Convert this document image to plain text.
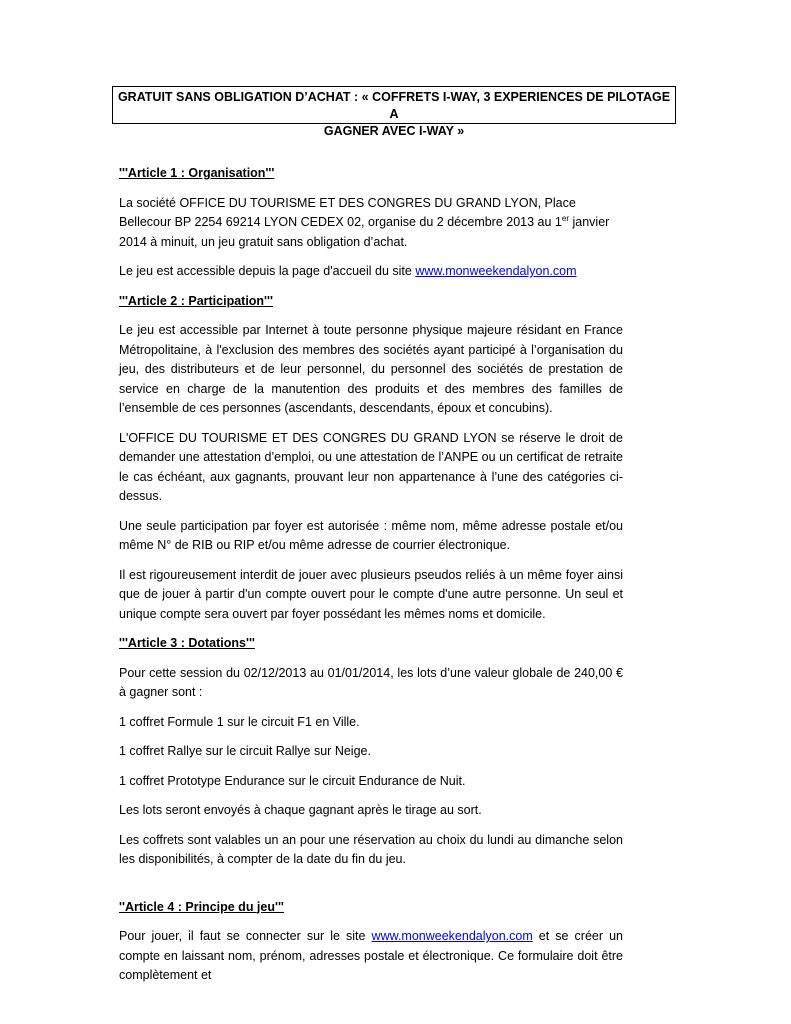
GRATUIT SANS OBLIGATION D’ACHAT : « COFFRETS I-WAY, 3 EXPERIENCES DE PILOTAGE A
GAGNER AVEC I-WAY »

'''Article 1 : Organisation'''

La société OFFICE DU TOURISME ET DES CONGRES DU GRAND LYON, Place Bellecour BP 2254 69214 LYON CEDEX 02, organise du 2 décembre 2013 au 1er janvier 2014 à minuit, un jeu gratuit sans obligation d’achat.

Le jeu est accessible depuis la page d'accueil du site www.monweekendalyon.com

'''Article 2 : Participation'''

Le jeu est accessible par Internet à toute personne physique majeure résidant en France Métropolitaine, à l'exclusion des membres des sociétés ayant participé à l’organisation du jeu, des distributeurs et de leur personnel, du personnel des sociétés de prestation de service en charge de la manutention des produits et des membres des familles de l’ensemble de ces personnes (ascendants, descendants, époux et concubins).

L'OFFICE DU TOURISME ET DES CONGRES DU GRAND LYON se réserve le droit de demander une attestation d’emploi, ou une attestation de l’ANPE ou un certificat de retraite le cas échéant, aux gagnants, prouvant leur non appartenance à l’une des catégories ci-dessus.

Une seule participation par foyer est autorisée : même nom, même adresse postale et/ou même N° de RIB ou RIP et/ou même adresse de courrier électronique.

Il est rigoureusement interdit de jouer avec plusieurs pseudos reliés à un même foyer ainsi que de jouer à partir d'un compte ouvert pour le compte d'une autre personne. Un seul et unique compte sera ouvert par foyer possédant les mêmes noms et domicile.

'''Article 3 : Dotations'''

Pour cette session du 02/12/2013 au 01/01/2014, les lots d’une valeur globale de 240,00 € à gagner sont :

1 coffret Formule 1 sur le circuit F1 en Ville.

1 coffret Rallye sur le circuit Rallye sur Neige.

1 coffret Prototype Endurance sur le circuit Endurance de Nuit.

Les lots seront envoyés à chaque gagnant après le tirage au sort.

Les coffrets sont valables un an pour une réservation au choix du lundi au dimanche selon les disponibilités, à compter de la date du fin du jeu.

''Article 4 : Principe du jeu'''

Pour jouer, il faut se connecter sur le site www.monweekendalyon.com et se créer un compte en laissant nom, prénom, adresses postale et électronique. Ce formulaire doit être complètement et
